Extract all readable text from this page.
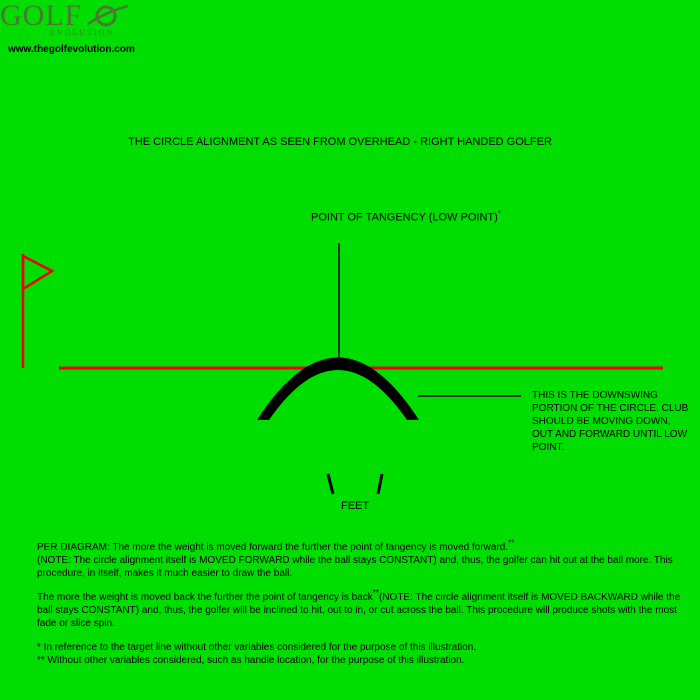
GOLF
EVOLUTION
www.thegolfevolution.com
THE CIRCLE ALIGNMENT AS SEEN FROM OVERHEAD - RIGHT HANDED GOLFER
POINT OF TANGENCY (LOW POINT)*
THIS IS THE DOWNSWING PORTION OF THE CIRCLE. CLUB SHOULD BE MOVING DOWN, OUT AND FORWARD UNTIL LOW POINT.
FEET

PER DIAGRAM: The more the weight is moved forward the further the point of tangency is moved forward.**
(NOTE: The circle alignment itself is MOVED FORWARD while the ball stays CONSTANT) and, thus, the golfer can hit out at the ball more. This procedure, in itself, makes it much easier to draw the ball.

The more the weight is moved back the further the point of tangency is back**(NOTE: The circle alignment itself is MOVED BACKWARD while the ball stays CONSTANT) and, thus, the golfer will be inclined to hit, out to in, or cut across the ball. This procedure will produce shots with the most fade or slice spin.

* In reference to the target line without other variables considered for the purpose of this illustration.
** Without other variables considered, such as handle location, for the purpose of this illustration.
